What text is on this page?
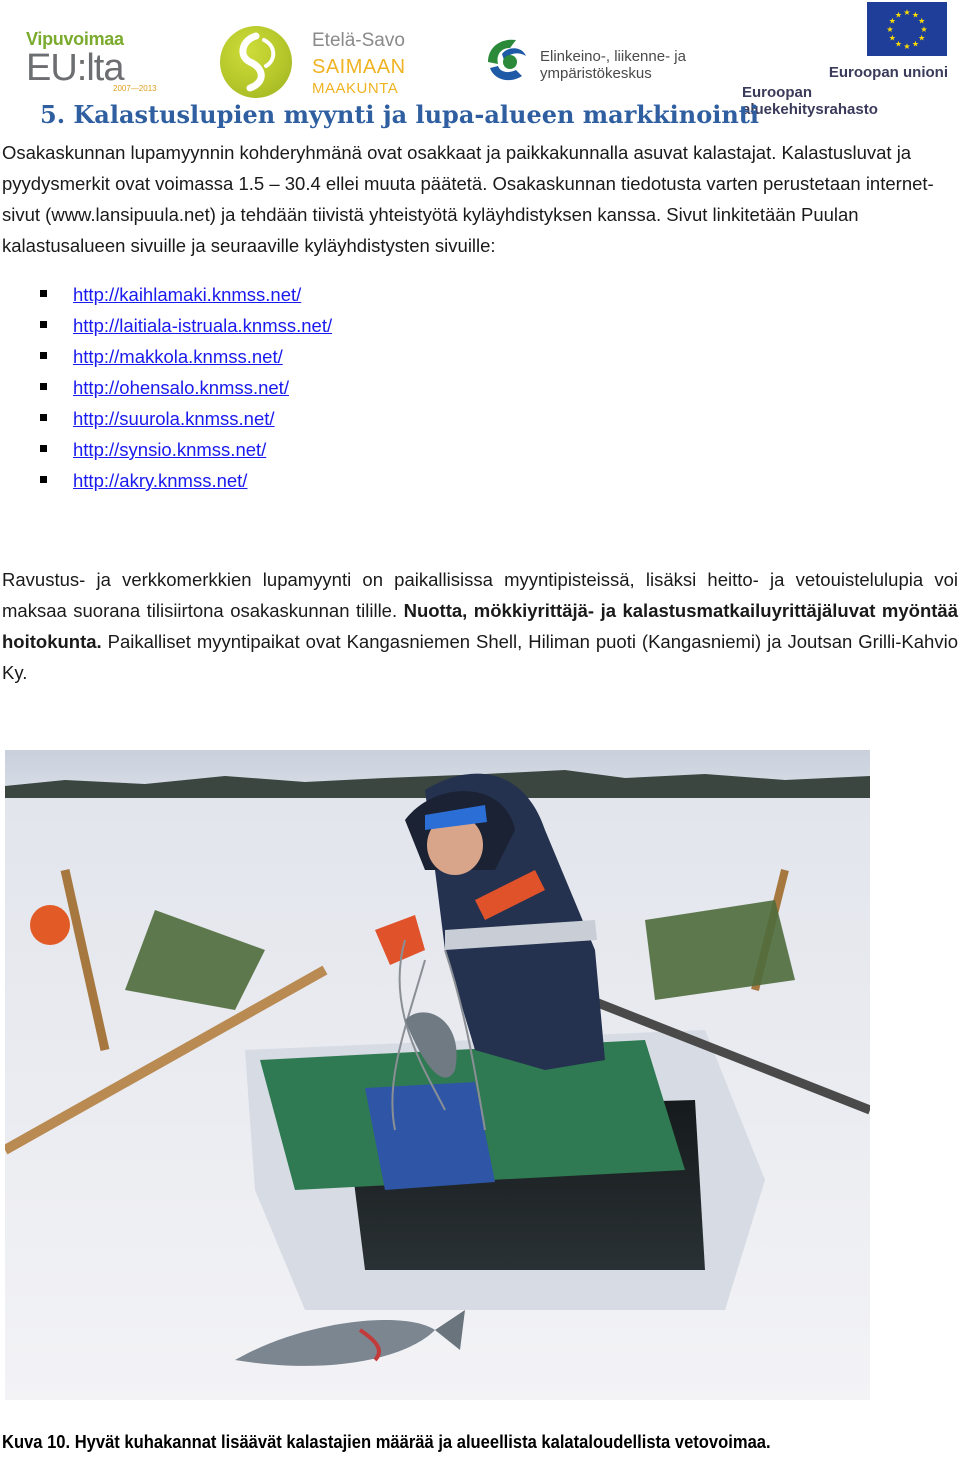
Vipuvoimaa
EU:lta
2007—2013
Etelä-Savo
SAIMAAN
MAAKUNTA
Elinkeino-, liikenne- ja
ympäristökeskus
★ ★
★
★
★
★
★
★
★
★
★
★
Euroopan unioni
Euroopan aluekehitysrahasto
5. Kalastuslupien myynti ja lupa-alueen markkinointi

Osakaskunnan lupamyynnin kohderyhmänä ovat osakkaat ja paikkakunnalla asuvat kalastajat. Kalastusluvat ja pyydysmerkit ovat voimassa 1.5 – 30.4 ellei muuta päätetä. Osakaskunnan tiedotusta varten perustetaan internet-sivut (www.lansipuula.net) ja tehdään tiivistä yhteistyötä kyläyhdistyksen kanssa. Sivut linkitetään Puulan kalastusalueen sivuille ja seuraaville kyläyhdistysten sivuille:

http://kaihlamaki.knmss.net/
http://laitiala-istruala.knmss.net/
http://makkola.knmss.net/
http://ohensalo.knmss.net/
http://suurola.knmss.net/
http://synsio.knmss.net/
http://akry.knmss.net/

Ravustus- ja verkkomerkkien lupamyynti on paikallisissa myyntipisteissä, lisäksi heitto- ja vetouistelulupia voi maksaa suorana tilisiirtona osakaskunnan tilille. Nuotta, mökkiyrittäjä- ja kalastusmatkailuyrittäjäluvat myöntää hoitokunta. Paikalliset myyntipaikat ovat Kangasniemen Shell, Hiliman puoti (Kangasniemi) ja Joutsan Grilli-Kahvio Ky.

Kuva 10. Hyvät kuhakannat lisäävät kalastajien määrää ja alueellista kalataloudellista vetovoimaa.
